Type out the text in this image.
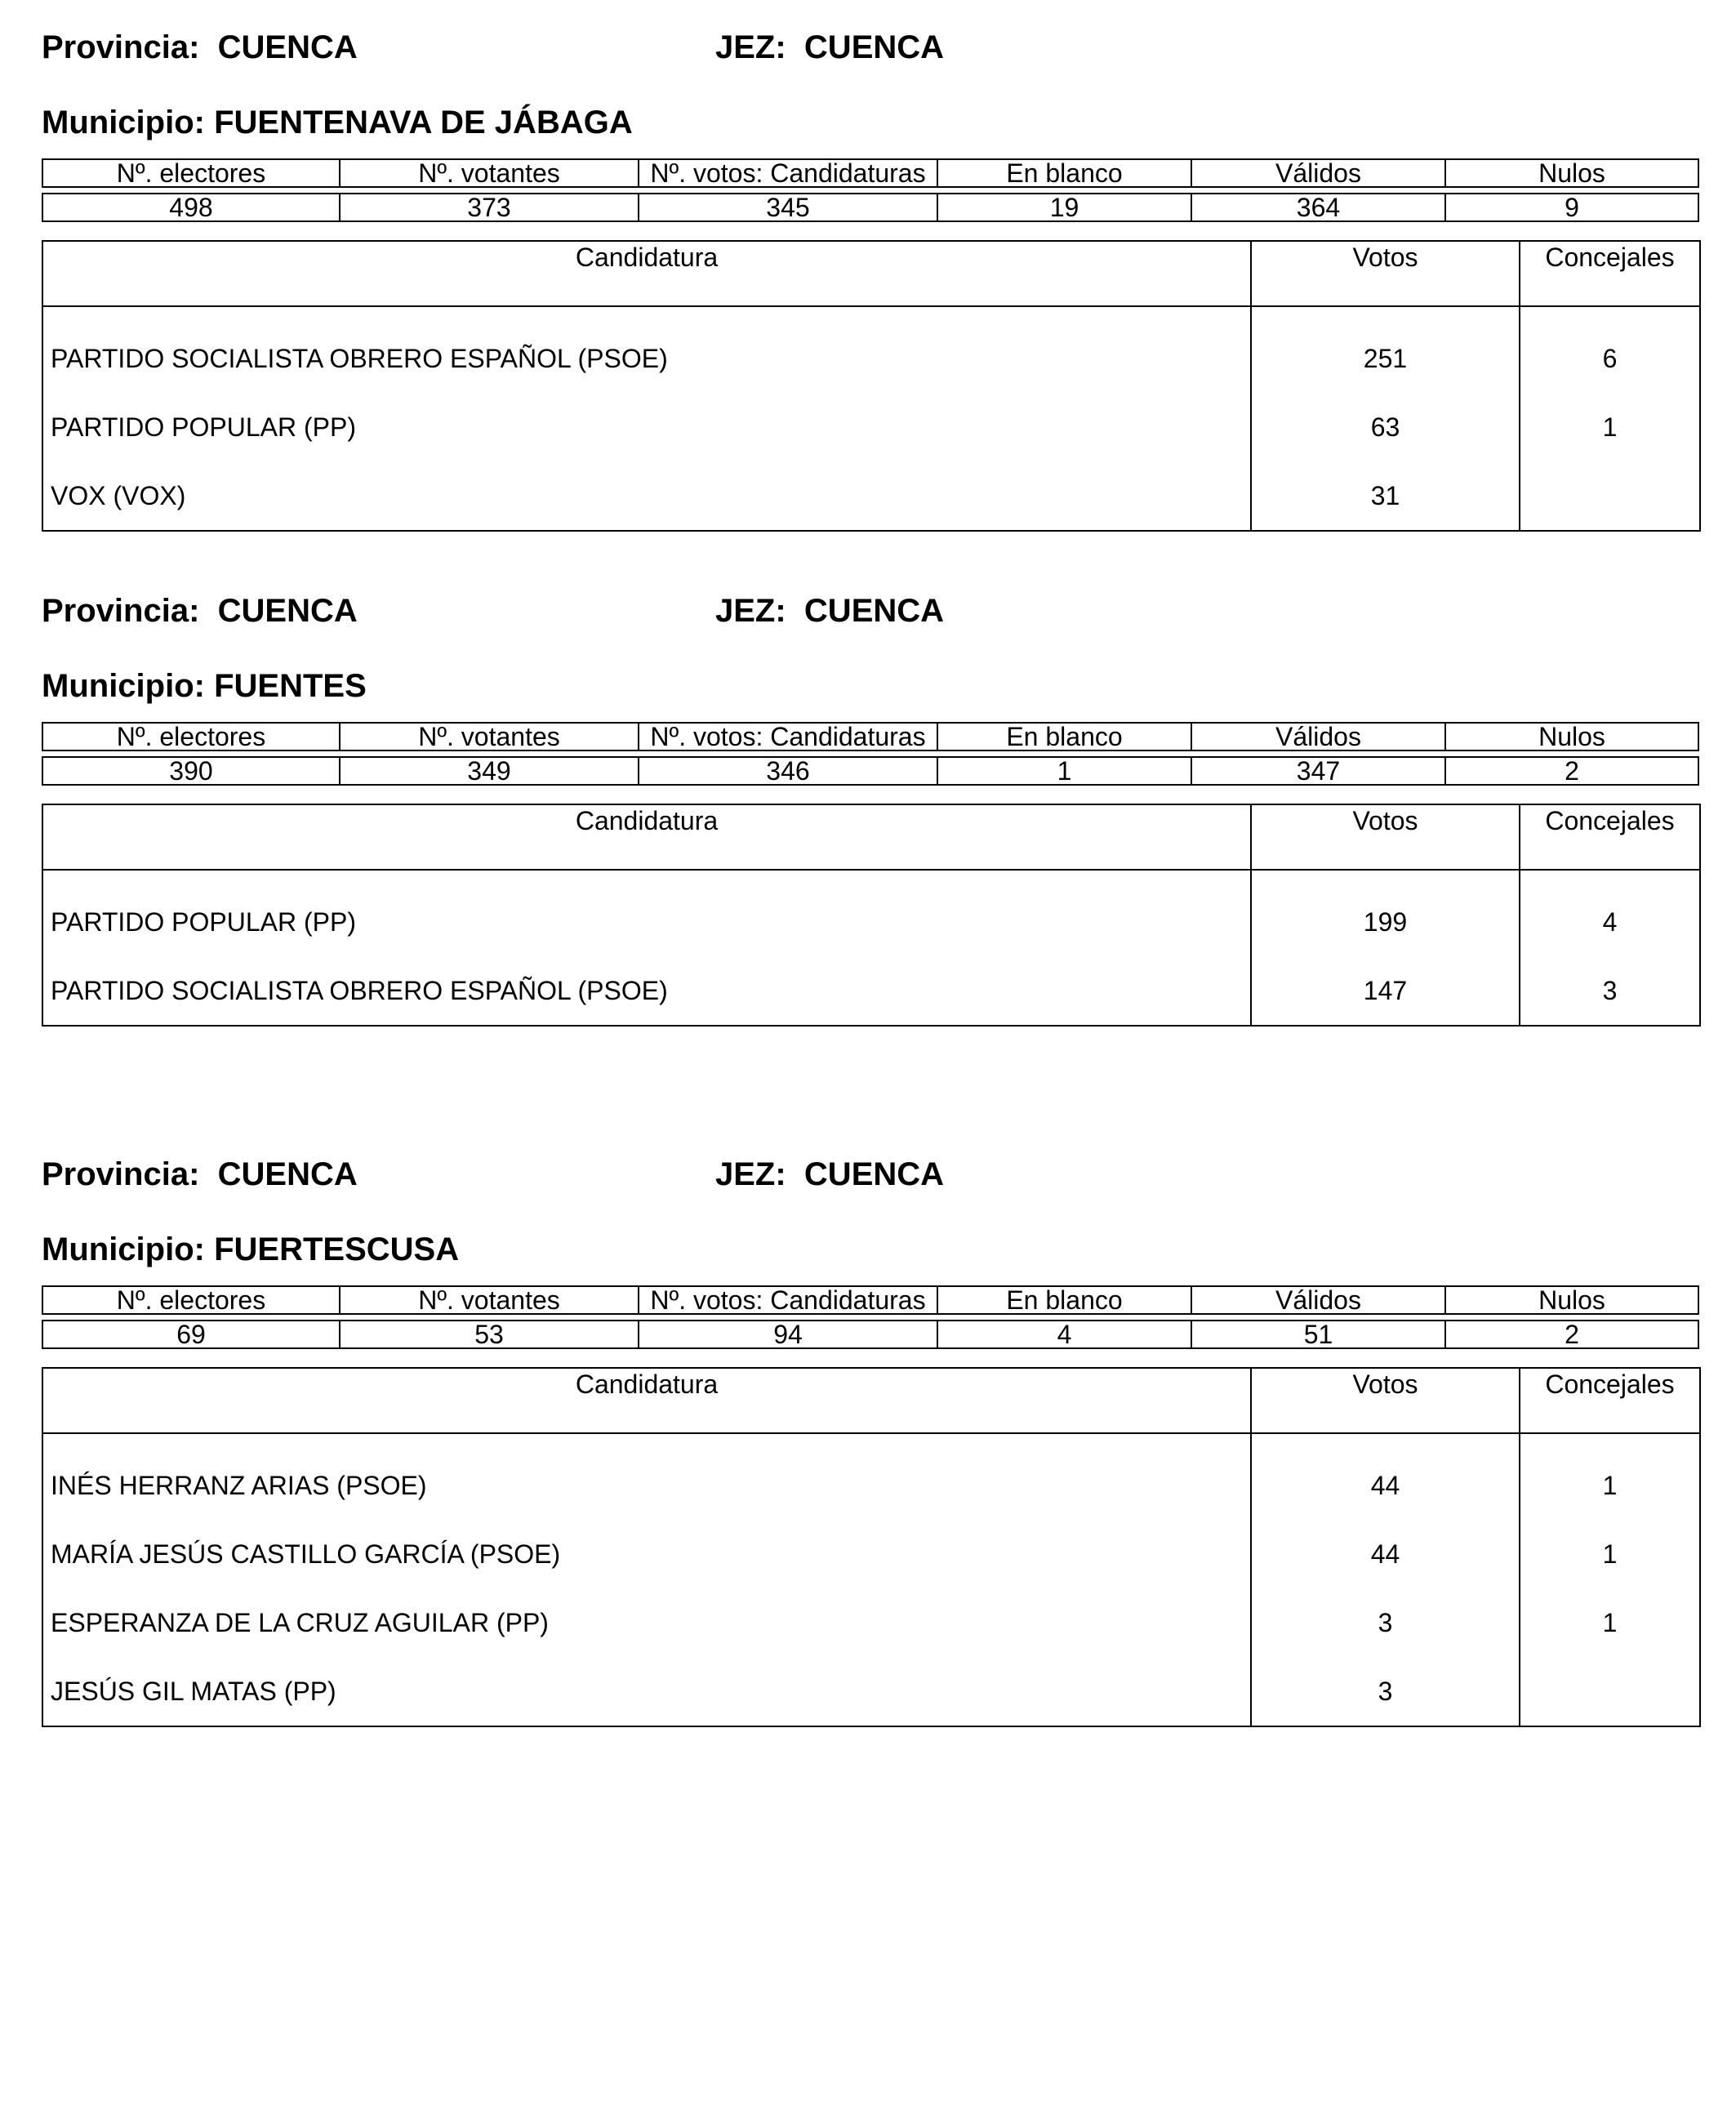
Provincia: CUENCA	JEZ: CUENCA
Municipio: FUENTENAVA DE JÁBAGA
Nº. electores	Nº. votantes	Nº. votos: Candidaturas	En blanco	Válidos	Nulos
498	373	345	19	364	9
Candidatura	Votos	Concejales
PARTIDO SOCIALISTA OBRERO ESPAÑOL (PSOE)	251	6
PARTIDO POPULAR (PP)	63	1
VOX (VOX)	31	
Provincia: CUENCA	JEZ: CUENCA
Municipio: FUENTES
Nº. electores	Nº. votantes	Nº. votos: Candidaturas	En blanco	Válidos	Nulos
390	349	346	1	347	2
Candidatura	Votos	Concejales
PARTIDO POPULAR (PP)	199	4
PARTIDO SOCIALISTA OBRERO ESPAÑOL (PSOE)	147	3
Provincia: CUENCA	JEZ: CUENCA
Municipio: FUERTESCUSA
Nº. electores	Nº. votantes	Nº. votos: Candidaturas	En blanco	Válidos	Nulos
69	53	94	4	51	2
Candidatura	Votos	Concejales
INÉS HERRANZ ARIAS (PSOE)	44	1
MARÍA JESÚS CASTILLO GARCÍA (PSOE)	44	1
ESPERANZA DE LA CRUZ AGUILAR (PP)	3	1
JESÚS GIL MATAS (PP)	3	
